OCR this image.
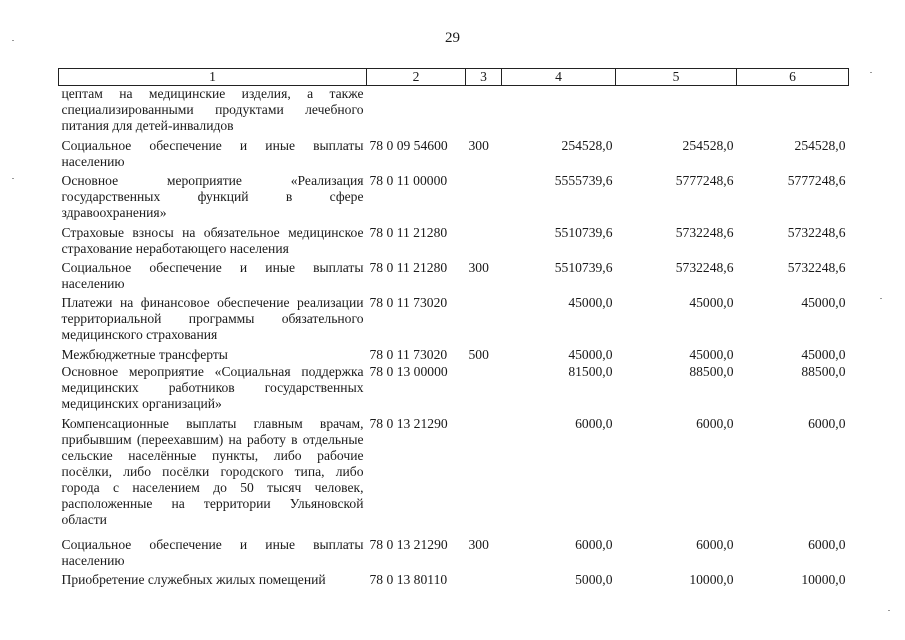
29
1	2	3	4	5	6
цептам на медицинские изделия, а также специализированными продуктами лечебного питания для детей-инвалидов					
Социальное обеспечение и иные выплаты населению	78 0 09 54600	300	254528,0	254528,0	254528,0
Основное мероприятие «Реализация государственных функций в сфере здравоохранения»	78 0 11 00000		5555739,6	5777248,6	5777248,6
Страховые взносы на обязательное медицинское страхование неработающего населения	78 0 11 21280		5510739,6	5732248,6	5732248,6
Социальное обеспечение и иные выплаты населению	78 0 11 21280	300	5510739,6	5732248,6	5732248,6
Платежи на финансовое обеспечение реализации территориальной программы обязательного медицинского страхования	78 0 11 73020		45000,0	45000,0	45000,0
Межбюджетные трансферты	78 0 11 73020	500	45000,0	45000,0	45000,0
Основное мероприятие «Социальная поддержка медицинских работников государственных медицинских организаций»	78 0 13 00000		81500,0	88500,0	88500,0
Компенсационные выплаты главным врачам, прибывшим (переехавшим) на работу в отдельные сельские населённые пункты, либо рабочие посёлки, либо посёлки городского типа, либо города с населением до 50 тысяч человек, расположенные на территории Ульяновской области	78 0 13 21290		6000,0	6000,0	6000,0
Социальное обеспечение и иные выплаты населению	78 0 13 21290	300	6000,0	6000,0	6000,0
Приобретение служебных жилых помещений	78 0 13 80110		5000,0	10000,0	10000,0
